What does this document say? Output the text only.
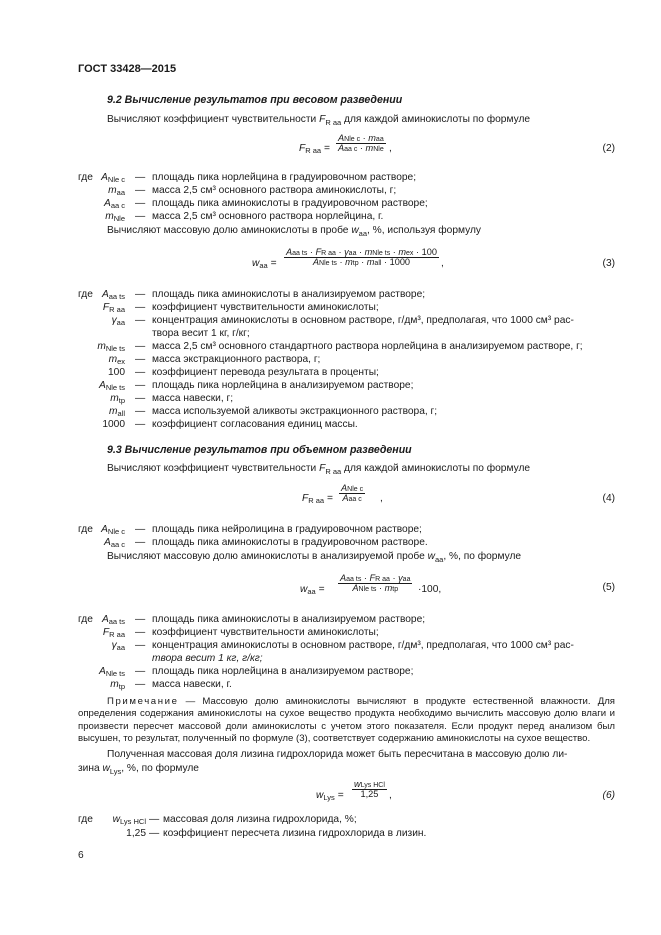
ГОСТ 33428—2015
9.2 Вычисление результатов при весовом разведении
Вычисляют коэффициент чувствительности $F_{R aa}$ для каждой аминокислоты по формуле
FR aa =
ANle c · maa
Aaa c · mNle ,	(2)
где ANle c — площадь пика норлейцина в градуировочном растворе;
maa — масса 2,5 см³ основного раствора аминокислоты, г;
Aaa c — площадь пика аминокислоты в градуировочном растворе;
mNle — масса 2,5 см³ основного раствора норлейцина, г.
Вычисляют массовую долю аминокислоты в пробе $w_{aa}$, %, используя формулу
waa =
Aaa ts · FR aa · γaa · mNle ts · mex · 100
ANle ts · mtp · mall · 1000	,	(3)
где Aaa ts — площадь пика аминокислоты в анализируемом растворе;
FR aa — коэффициент чувствительности аминокислоты;
γaa — концентрация аминокислоты в основном растворе, г/дм³, предполагая, что 1000 см³ рас-
твора весит 1 кг, г/кг;
mNle ts — масса 2,5 см³ основного стандартного раствора норлейцина в анализируемом растворе, г;
mex — масса экстракционного раствора, г;
100 — коэффициент перевода результата в проценты;
ANle ts — площадь пика норлейцина в анализируемом растворе;
mtp — масса навески, г;
mall — масса используемой аликвоты экстракционного раствора, г;
1000 — коэффициент согласования единиц массы.
9.3 Вычисление результатов при объемном разведении
Вычисляют коэффициент чувствительности $F_{R aa}$ для каждой аминокислоты по формуле
FR aa =
ANle c
Aaa c ,	(4)
где ANle c — площадь пика нейролицина в градуировочном растворе;
Aaa c — площадь пика аминокислоты в градуировочном растворе.
Вычисляют массовую долю аминокислоты в анализируемой пробе $w_{aa}$, %, по формуле
waa =
Aaa ts · FR aa · γaa
ANle ts · mtp ·100,	(5)
где Aaa ts — площадь пика аминокислоты в анализируемом растворе;
FR aa — коэффициент чувствительности аминокислоты;
γaa — концентрация аминокислоты в основном растворе, г/дм³, предполагая, что 1000 см³ рас-
твора весит 1 кг, г/кг;
ANle ts — площадь пика норлейцина в анализируемом растворе;
mtp — масса навески, г.
Примечание — Массовую долю аминокислоты вычисляют в продукте естественной влажности. Для определения содержания аминокислоты на сухое вещество продукта необходимо вычислить массовую долю влаги и произвести пересчет массовой доли аминокислоты с учетом этого показателя. Если продукт перед анализом был высушен, то результат, полученный по формуле (3), соответствует содержанию аминокислоты на сухое вещество.
Полученная массовая доля лизина гидрохлорида может быть пересчитана в массовую долю ли-
зина $w_{Lys}$, %, по формуле
wLys =
wLys HCl
1,25 ,	(6)
где wLys HCl — массовая доля лизина гидрохлорида, %;
1,25 — коэффициент пересчета лизина гидрохлорида в лизин.
6
